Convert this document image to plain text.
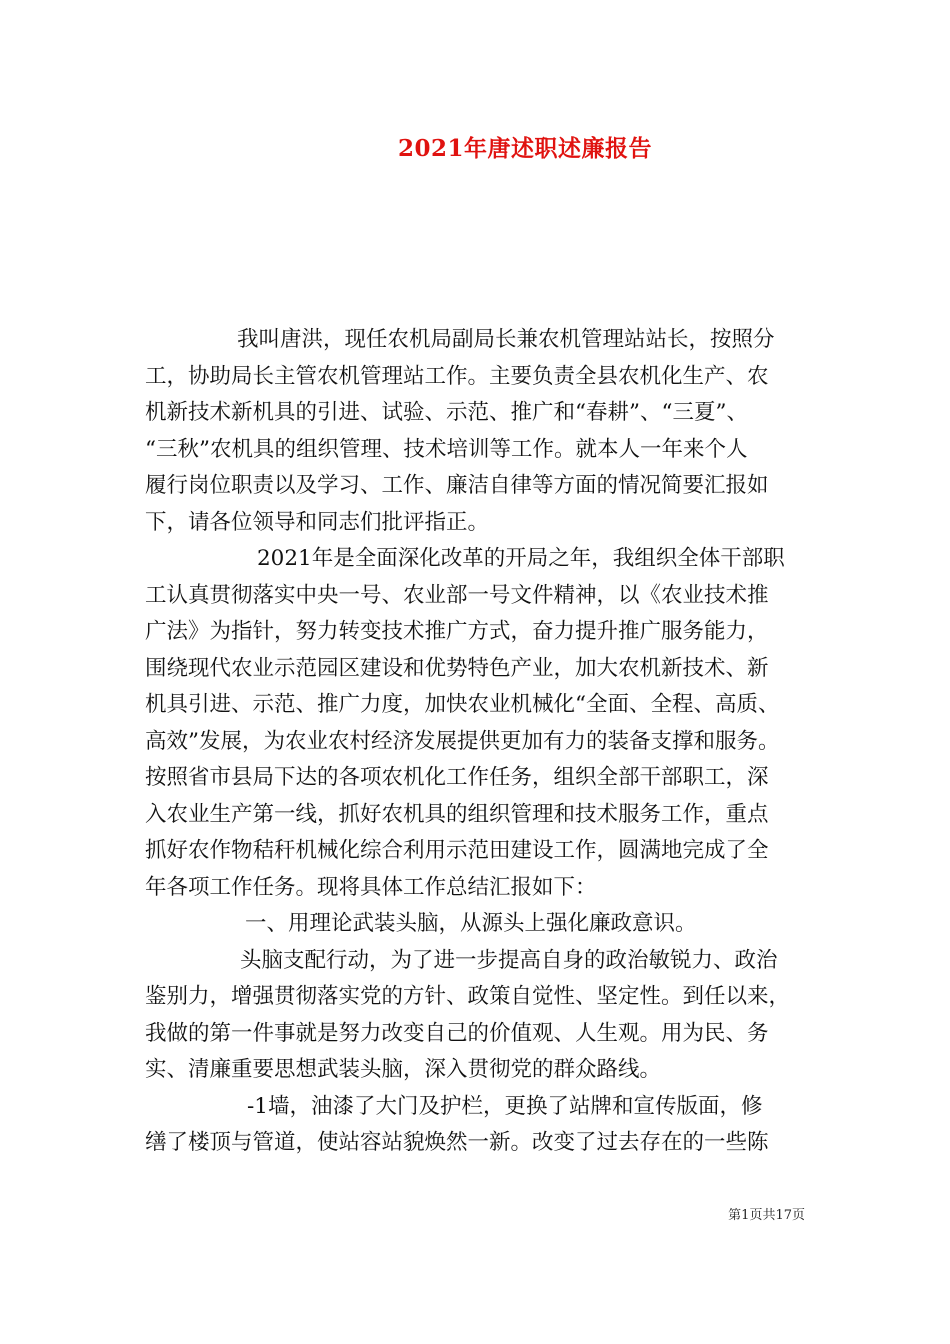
2021年唐述职述廉报告

我叫唐洪，现任农机局副局长兼农机管理站站长，按照分
工，协助局长主管农机管理站工作。主要负责全县农机化生产、农
机新技术新机具的引进、试验、示范、推广和“春耕”、“三夏”、
“三秋”农机具的组织管理、技术培训等工作。就本人一年来个人
履行岗位职责以及学习、工作、廉洁自律等方面的情况简要汇报如
下，请各位领导和同志们批评指正。

2021年是全面深化改革的开局之年，我组织全体干部职
工认真贯彻落实中央一号、农业部一号文件精神，以《农业技术推
广法》为指针，努力转变技术推广方式，奋力提升推广服务能力，
围绕现代农业示范园区建设和优势特色产业，加大农机新技术、新
机具引进、示范、推广力度，加快农业机械化“全面、全程、高质、
高效”发展，为农业农村经济发展提供更加有力的装备支撑和服务。
按照省市县局下达的各项农机化工作任务，组织全部干部职工，深
入农业生产第一线，抓好农机具的组织管理和技术服务工作，重点
抓好农作物秸秆机械化综合利用示范田建设工作，圆满地完成了全
年各项工作任务。现将具体工作总结汇报如下：

一、用理论武装头脑，从源头上强化廉政意识。

头脑支配行动，为了进一步提高自身的政治敏锐力、政治
鉴别力，增强贯彻落实党的方针、政策自觉性、坚定性。到任以来，
我做的第一件事就是努力改变自己的价值观、人生观。用为民、务
实、清廉重要思想武装头脑，深入贯彻党的群众路线。

-1墙，油漆了大门及护栏，更换了站牌和宣传版面，修
缮了楼顶与管道，使站容站貌焕然一新。改变了过去存在的一些陈

第1页共17页
